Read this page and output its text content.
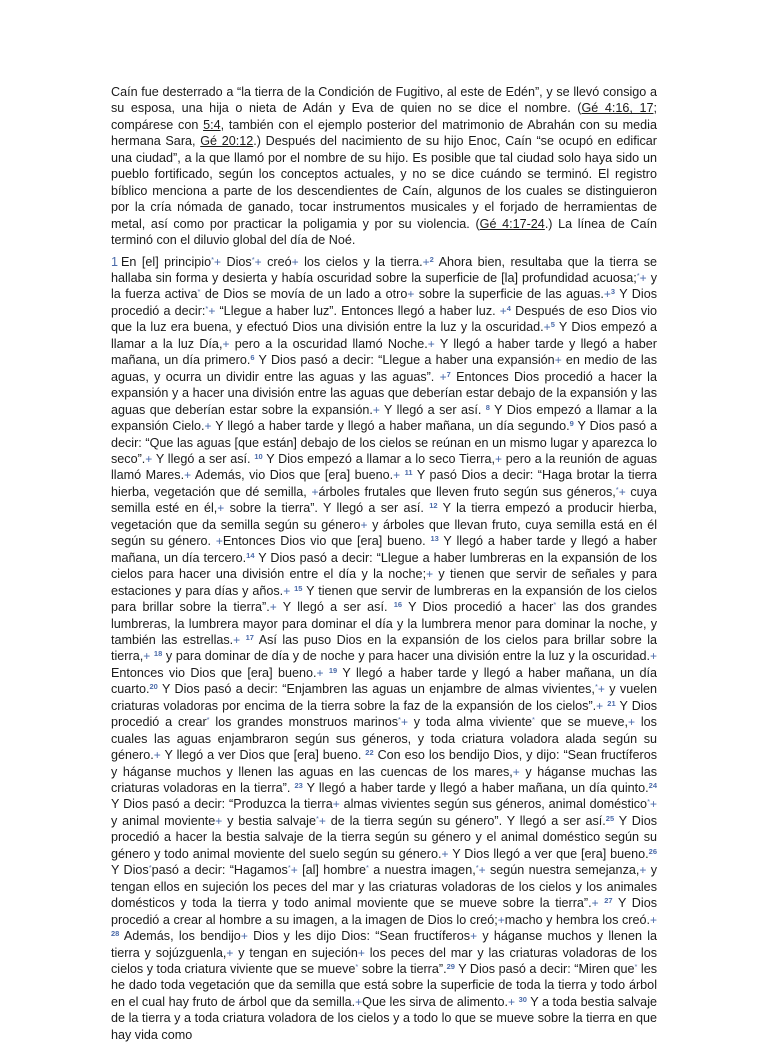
Caín fue desterrado a “la tierra de la Condición de Fugitivo, al este de Edén”, y se llevó consigo a su esposa, una hija o nieta de Adán y Eva de quien no se dice el nombre. (Gé 4:16, 17; compárese con 5:4, también con el ejemplo posterior del matrimonio de Abrahán con su media hermana Sara, Gé 20:12.) Después del nacimiento de su hijo Enoc, Caín “se ocupó en edificar una ciudad”, a la que llamó por el nombre de su hijo. Es posible que tal ciudad solo haya sido un pueblo fortificado, según los conceptos actuales, y no se dice cuándo se terminó. El registro bíblico menciona a parte de los descendientes de Caín, algunos de los cuales se distinguieron por la cría nómada de ganado, tocar instrumentos musicales y el forjado de herramientas de metal, así como por practicar la poligamia y por su violencia. (Gé 4:17-24.) La línea de Caín terminó con el diluvio global del día de Noé.

1 En [el] principio*+ Dios*+ creó+ los cielos y la tierra.+$^2$ Ahora bien, resultaba que la tierra se hallaba sin forma y desierta y había oscuridad sobre la superficie de [la] profundidad acuosa;*+ y la fuerza activa* de Dios se movía de un lado a otro+ sobre la superficie de las aguas.+$^3$ Y Dios procedió a decir:*+ “Llegue a haber luz”. Entonces llegó a haber luz. +$^4$ Después de eso Dios vio que la luz era buena, y efectuó Dios una división entre la luz y la oscuridad.+$^5$ Y Dios empezó a llamar a la luz Día,+ pero a la oscuridad llamó Noche.+ Y llegó a haber tarde y llegó a haber mañana, un día primero.$^6$ Y Dios pasó a decir: “Llegue a haber una expansión+ en medio de las aguas, y ocurra un dividir entre las aguas y las aguas”. +$^7$ Entonces Dios procedió a hacer la expansión y a hacer una división entre las aguas que deberían estar debajo de la expansión y las aguas que deberían estar sobre la expansión.+ Y llegó a ser así. $^8$ Y Dios empezó a llamar a la expansión Cielo.+ Y llegó a haber tarde y llegó a haber mañana, un día segundo.$^9$ Y Dios pasó a decir: “Que las aguas [que están] debajo de los cielos se reúnan en un mismo lugar y aparezca lo seco”.+ Y llegó a ser así. $^{10}$ Y Dios empezó a llamar a lo seco Tierra,+ pero a la reunión de aguas llamó Mares.+ Además, vio Dios que [era] bueno.+ $^{11}$ Y pasó Dios a decir: “Haga brotar la tierra hierba, vegetación que dé semilla, +árboles frutales que lleven fruto según sus géneros,*+ cuya semilla esté en él,+ sobre la tierra”. Y llegó a ser así. $^{12}$ Y la tierra empezó a producir hierba, vegetación que da semilla según su género+ y árboles que llevan fruto, cuya semilla está en él según su género. +Entonces Dios vio que [era] bueno. $^{13}$ Y llegó a haber tarde y llegó a haber mañana, un día tercero.$^{14}$ Y Dios pasó a decir: “Llegue a haber lumbreras en la expansión de los cielos para hacer una división entre el día y la noche;+ y tienen que servir de señales y para estaciones y para días y años.+ $^{15}$ Y tienen que servir de lumbreras en la expansión de los cielos para brillar sobre la tierra”.+ Y llegó a ser así. $^{16}$ Y Dios procedió a hacer* las dos grandes lumbreras, la lumbrera mayor para dominar el día y la lumbrera menor para dominar la noche, y también las estrellas.+ $^{17}$ Así las puso Dios en la expansión de los cielos para brillar sobre la tierra,+ $^{18}$ y para dominar de día y de noche y para hacer una división entre la luz y la oscuridad.+ Entonces vio Dios que [era] bueno.+ $^{19}$ Y llegó a haber tarde y llegó a haber mañana, un día cuarto.$^{20}$ Y Dios pasó a decir: “Enjambren las aguas un enjambre de almas vivientes,*+ y vuelen criaturas voladoras por encima de la tierra sobre la faz de la expansión de los cielos”.+ $^{21}$ Y Dios procedió a crear* los grandes monstruos marinos*+ y toda alma viviente* que se mueve,+ los cuales las aguas enjambraron según sus géneros, y toda criatura voladora alada según su género.+ Y llegó a ver Dios que [era] bueno. $^{22}$ Con eso los bendijo Dios, y dijo: “Sean fructíferos y háganse muchos y llenen las aguas en las cuencas de los mares,+ y háganse muchas las criaturas voladoras en la tierra”. $^{23}$ Y llegó a haber tarde y llegó a haber mañana, un día quinto.$^{24}$ Y Dios pasó a decir: “Produzca la tierra+ almas vivientes según sus géneros, animal doméstico*+ y animal moviente+ y bestia salvaje*+ de la tierra según su género”. Y llegó a ser así.$^{25}$ Y Dios procedió a hacer la bestia salvaje de la tierra según su género y el animal doméstico según su género y todo animal moviente del suelo según su género.+ Y Dios llegó a ver que [era] bueno.$^{26}$ Y Dios*pasó a decir: “Hagamos*+ [al] hombre* a nuestra imagen,*+ según nuestra semejanza,+ y tengan ellos en sujeción los peces del mar y las criaturas voladoras de los cielos y los animales domésticos y toda la tierra y todo animal moviente que se mueve sobre la tierra”.+ $^{27}$ Y Dios procedió a crear al hombre a su imagen, a la imagen de Dios lo creó;+macho y hembra los creó.+ $^{28}$ Además, los bendijo+ Dios y les dijo Dios: “Sean fructíferos+ y háganse muchos y llenen la tierra y sojúzguenla,+ y tengan en sujeción+ los peces del mar y las criaturas voladoras de los cielos y toda criatura viviente que se mueve* sobre la tierra”.$^{29}$ Y Dios pasó a decir: “Miren que* les he dado toda vegetación que da semilla que está sobre la superficie de toda la tierra y todo árbol en el cual hay fruto de árbol que da semilla.+Que les sirva de alimento.+ $^{30}$ Y a toda bestia salvaje de la tierra y a toda criatura voladora de los cielos y a todo lo que se mueve sobre la tierra en que hay vida como
